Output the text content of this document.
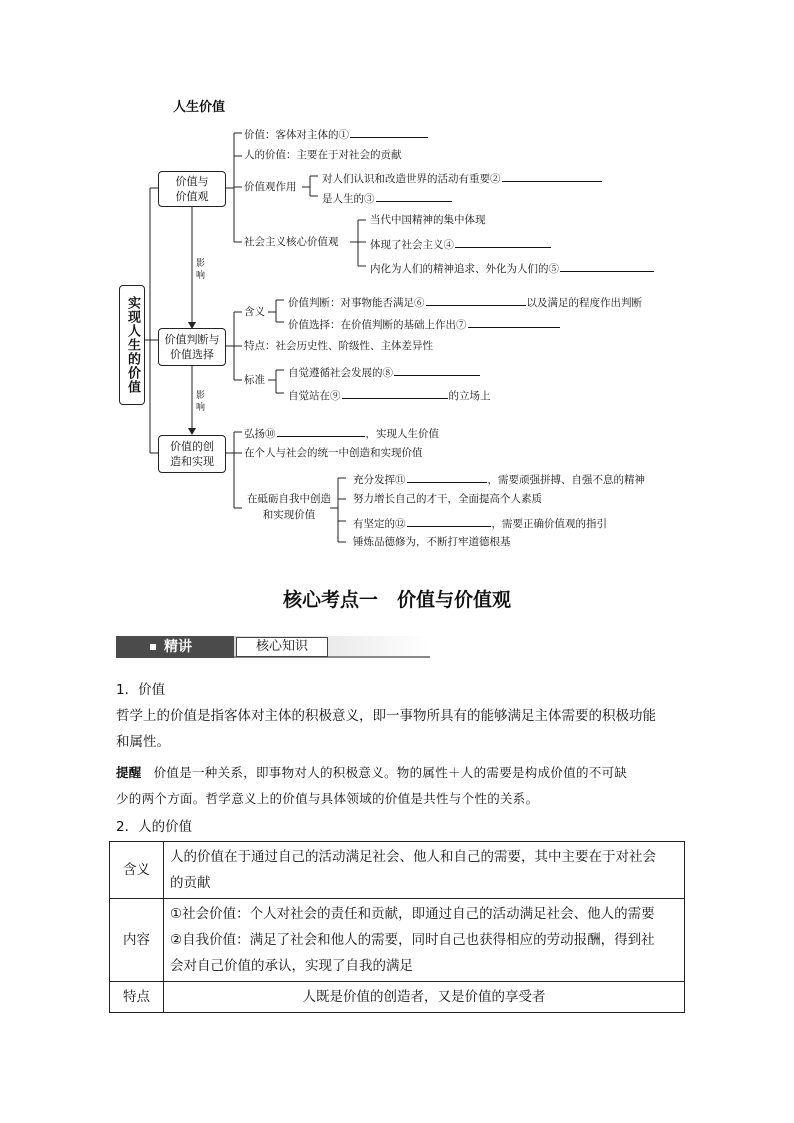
人生价值
实现人生的价值
价值与价值观
价值判断与价值选择
价值的创造和实现
影响
影响
价值：客体对主体的①
人的价值：主要在于对社会的贡献
价值观作用
对人们认识和改造世界的活动有重要②
是人生的③
社会主义核心价值观
当代中国精神的集中体现
体现了社会主义④
内化为人们的精神追求、外化为人们的⑤
含义
价值判断：对事物能否满足⑥	以及满足的程度作出判断
价值选择：在价值判断的基础上作出⑦
特点：社会历史性、阶级性、主体差异性
标准
自觉遵循社会发展的⑧
自觉站在⑨	的立场上
弘扬⑩	，实现人生价值
在个人与社会的统一中创造和实现价值
在砥砺自我中创造和实现价值
充分发挥⑪	，需要顽强拼搏、自强不息的精神
努力增长自己的才干，全面提高个人素质
有坚定的⑫	，需要正确价值观的指引
锤炼品德修为，不断打牢道德根基
核心考点一　价值与价值观
精讲	核心知识
1．价值
哲学上的价值是指客体对主体的积极意义，即一事物所具有的能够满足主体需要的积极功能
和属性。
提醒 价值是一种关系，即事物对人的积极意义。物的属性＋人的需要是构成价值的不可缺
少的两个方面。哲学意义上的价值与具体领域的价值是共性与个性的关系。
2．人的价值
含义	人的价值在于通过自己的活动满足社会、他人和自己的需要，其中主要在于对社会
的贡献

内容	①社会价值：个人对社会的责任和贡献，即通过自己的活动满足社会、他人的需要
②自我价值：满足了社会和他人的需要，同时自己也获得相应的劳动报酬，得到社
会对自己价值的承认，实现了自我的满足

特点	人既是价值的创造者，又是价值的享受者
